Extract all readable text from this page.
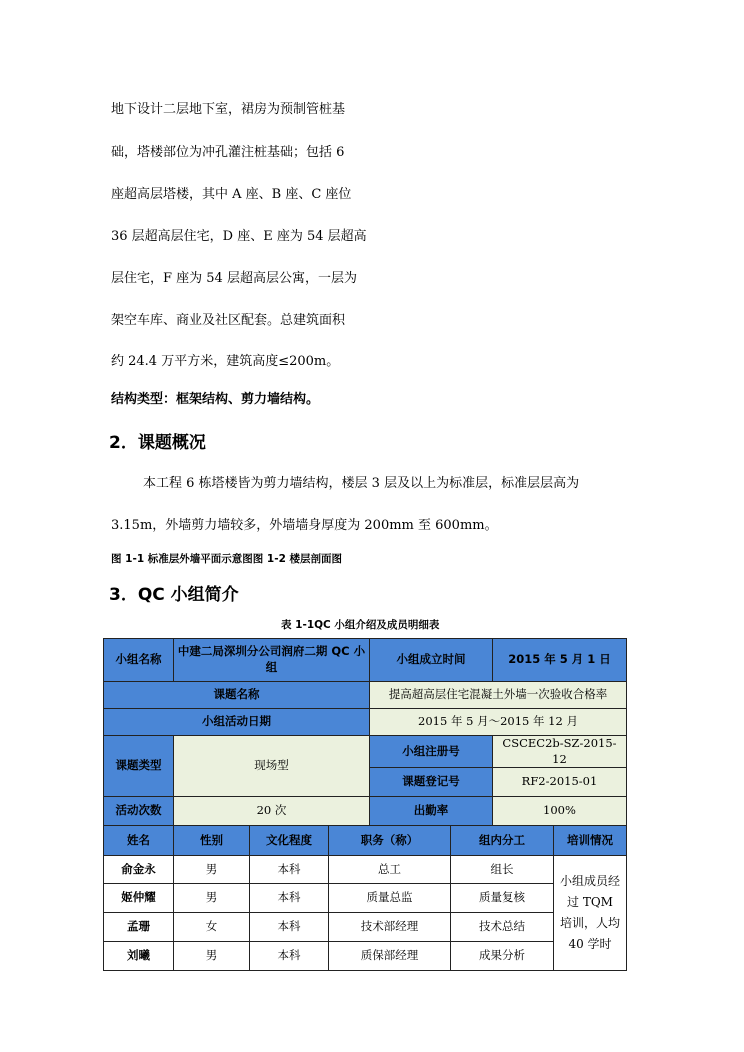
地下设计二层地下室，裙房为预制管桩基
础，塔楼部位为冲孔灌注桩基础；包括 6
座超高层塔楼，其中 A 座、B 座、C 座位
36 层超高层住宅，D 座、E 座为 54 层超高
层住宅，F 座为 54 层超高层公寓，一层为
架空车库、商业及社区配套。总建筑面积
约 24.4 万平方米，建筑高度≤200m。
结构类型：框架结构、剪力墙结构。
2．课题概况
本工程 6 栋塔楼皆为剪力墙结构，楼层 3 层及以上为标准层，标准层层高为
3.15m，外墙剪力墙较多，外墙墙身厚度为 200mm 至 600mm。
图 1-1 标准层外墙平面示意图图 1-2 楼层剖面图
3．QC 小组简介
表 1-1QC 小组介绍及成员明细表
小组名称	中建二局深圳分公司润府二期 QC 小组			小组成立时间		2015 年 5 月 1 日	
课题名称				提高超高层住宅混凝土外墙一次验收合格率			
小组活动日期				2015 年 5 月～2015 年 12 月			
课题类型	现场型			小组注册号		CSCEC2b-SZ-2015-12	
				课题登记号		RF2-2015-01	
活动次数	20 次			出勤率		100%	
姓名	性别	文化程度	职务（称）		组内分工		培训情况
俞金永	男	本科	总工		组长		小组成员经过 TQM 培训，人均 40 学时
姬仲耀	男	本科	质量总监		质量复核		
孟珊	女	本科	技术部经理		技术总结		
刘曦	男	本科	质保部经理		成果分析		
